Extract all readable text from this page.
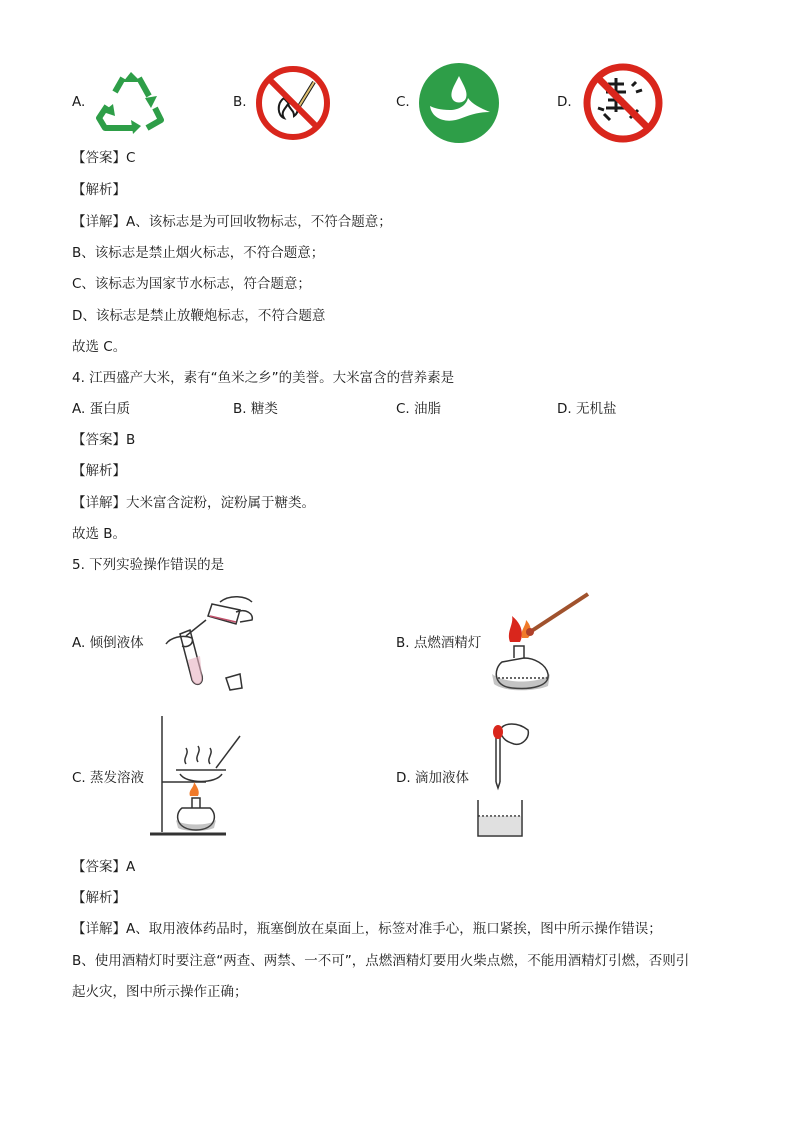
A.	B.	C.	D.
【答案】C
【解析】
【详解】A、该标志是为可回收物标志，不符合题意；
B、该标志是禁止烟火标志，不符合题意；
C、该标志为国家节水标志，符合题意；
D、该标志是禁止放鞭炮标志，不符合题意
故选 C。
4. 江西盛产大米，素有“鱼米之乡”的美誉。大米富含的营养素是
A. 蛋白质	B. 糖类	C. 油脂	D. 无机盐
【答案】B
【解析】
【详解】大米富含淀粉，淀粉属于糖类。
故选 B。
5. 下列实验操作错误的是
A. 倾倒液体	B. 点燃酒精灯
C. 蒸发溶液	D. 滴加液体
【答案】A
【解析】
【详解】A、取用液体药品时，瓶塞倒放在桌面上，标签对准手心，瓶口紧挨，图中所示操作错误；
B、使用酒精灯时要注意“两查、两禁、一不可”，点燃酒精灯要用火柴点燃，不能用酒精灯引燃，否则引
起火灾，图中所示操作正确；
